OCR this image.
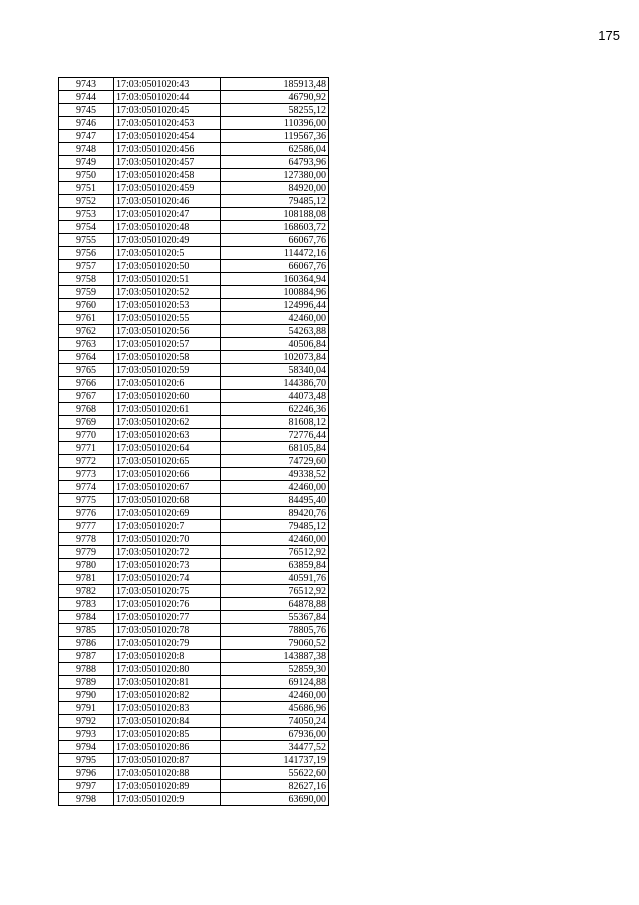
175
9743	17:03:0501020:43	185913,48
9744	17:03:0501020:44	46790,92
9745	17:03:0501020:45	58255,12
9746	17:03:0501020:453	110396,00
9747	17:03:0501020:454	119567,36
9748	17:03:0501020:456	62586,04
9749	17:03:0501020:457	64793,96
9750	17:03:0501020:458	127380,00
9751	17:03:0501020:459	84920,00
9752	17:03:0501020:46	79485,12
9753	17:03:0501020:47	108188,08
9754	17:03:0501020:48	168603,72
9755	17:03:0501020:49	66067,76
9756	17:03:0501020:5	114472,16
9757	17:03:0501020:50	66067,76
9758	17:03:0501020:51	160364,94
9759	17:03:0501020:52	100884,96
9760	17:03:0501020:53	124996,44
9761	17:03:0501020:55	42460,00
9762	17:03:0501020:56	54263,88
9763	17:03:0501020:57	40506,84
9764	17:03:0501020:58	102073,84
9765	17:03:0501020:59	58340,04
9766	17:03:0501020:6	144386,70
9767	17:03:0501020:60	44073,48
9768	17:03:0501020:61	62246,36
9769	17:03:0501020:62	81608,12
9770	17:03:0501020:63	72776,44
9771	17:03:0501020:64	68105,84
9772	17:03:0501020:65	74729,60
9773	17:03:0501020:66	49338,52
9774	17:03:0501020:67	42460,00
9775	17:03:0501020:68	84495,40
9776	17:03:0501020:69	89420,76
9777	17:03:0501020:7	79485,12
9778	17:03:0501020:70	42460,00
9779	17:03:0501020:72	76512,92
9780	17:03:0501020:73	63859,84
9781	17:03:0501020:74	40591,76
9782	17:03:0501020:75	76512,92
9783	17:03:0501020:76	64878,88
9784	17:03:0501020:77	55367,84
9785	17:03:0501020:78	78805,76
9786	17:03:0501020:79	79060,52
9787	17:03:0501020:8	143887,38
9788	17:03:0501020:80	52859,30
9789	17:03:0501020:81	69124,88
9790	17:03:0501020:82	42460,00
9791	17:03:0501020:83	45686,96
9792	17:03:0501020:84	74050,24
9793	17:03:0501020:85	67936,00
9794	17:03:0501020:86	34477,52
9795	17:03:0501020:87	141737,19
9796	17:03:0501020:88	55622,60
9797	17:03:0501020:89	82627,16
9798	17:03:0501020:9	63690,00
